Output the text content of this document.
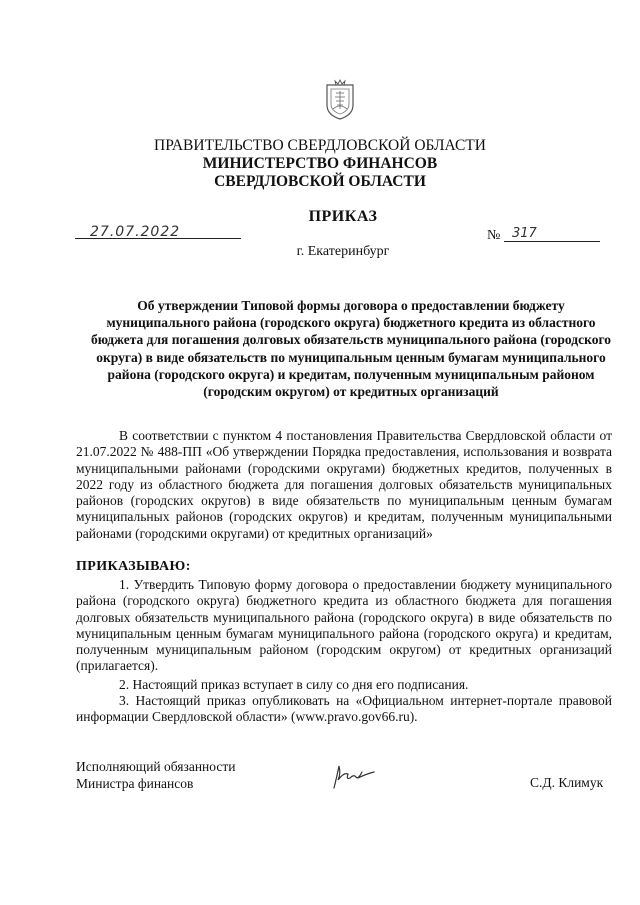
ПРАВИТЕЛЬСТВО СВЕРДЛОВСКОЙ ОБЛАСТИ
МИНИСТЕРСТВО ФИНАНСОВ
СВЕРДЛОВСКОЙ ОБЛАСТИ
ПРИКАЗ
27.07.2022	№ 317
г. Екатеринбург
Об утверждении Типовой формы договора о предоставлении бюджету муниципального района (городского округа) бюджетного кредита из областного бюджета для погашения долговых обязательств муниципального района (городского округа) в виде обязательств по муниципальным ценным бумагам муниципального района (городского округа) и кредитам, полученным муниципальным районом (городским округом) от кредитных организаций
В соответствии с пунктом 4 постановления Правительства Свердловской области от 21.07.2022 № 488-ПП «Об утверждении Порядка предоставления, использования и возврата муниципальными районами (городскими округами) бюджетных кредитов, полученных в 2022 году из областного бюджета для погашения долговых обязательств муниципальных районов (городских округов) в виде обязательств по муниципальным ценным бумагам муниципальных районов (городских округов) и кредитам, полученным муниципальными районами (городскими округами) от кредитных организаций»
ПРИКАЗЫВАЮ:
1. Утвердить Типовую форму договора о предоставлении бюджету муниципального района (городского округа) бюджетного кредита из областного бюджета для погашения долговых обязательств муниципального района (городского округа) в виде обязательств по муниципальным ценным бумагам муниципального района (городского округа) и кредитам, полученным муниципальным районом (городским округом) от кредитных организаций (прилагается).
2. Настоящий приказ вступает в силу со дня его подписания.
3. Настоящий приказ опубликовать на «Официальном интернет-портале правовой информации Свердловской области» (www.pravo.gov66.ru).
Исполняющий обязанности
Министра финансов	С.Д. Климук
